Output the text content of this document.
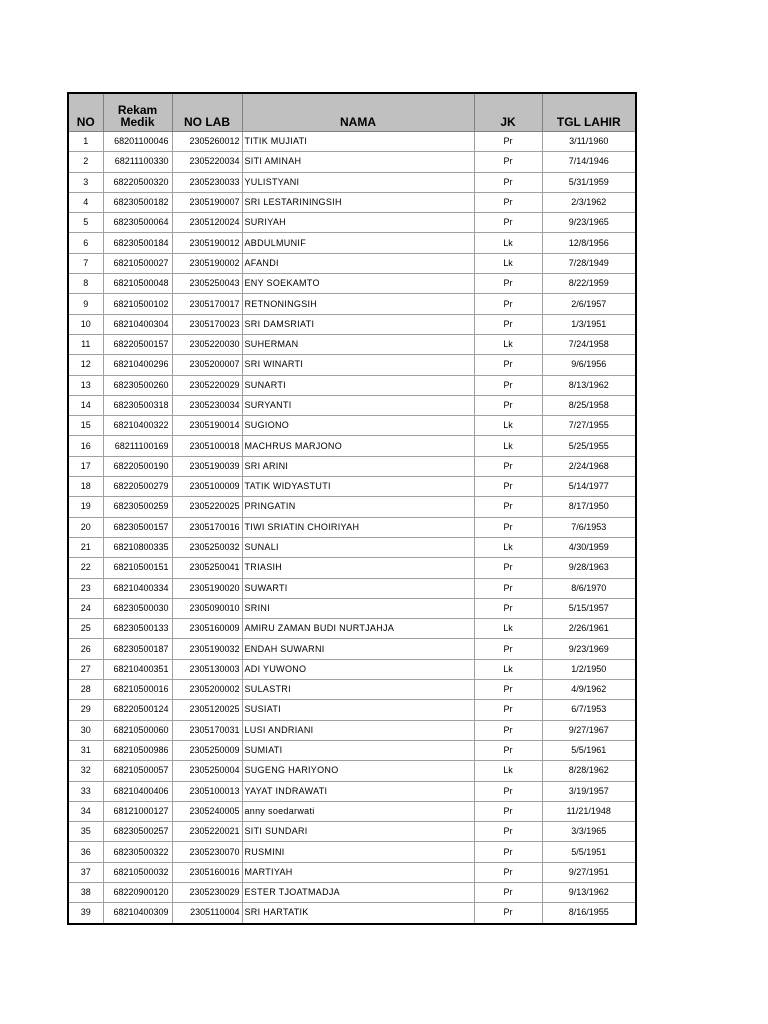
NO	Rekam Medik	NO LAB	NAMA	JK	TGL LAHIR
1	68201100046	2305260012	TITIK MUJIATI	Pr	3/11/1960
2	68211100330	2305220034	SITI AMINAH	Pr	7/14/1946
3	68220500320	2305230033	YULISTYANI	Pr	5/31/1959
4	68230500182	2305190007	SRI LESTARININGSIH	Pr	2/3/1962
5	68230500064	2305120024	SURIYAH	Pr	9/23/1965
6	68230500184	2305190012	ABDULMUNIF	Lk	12/8/1956
7	68210500027	2305190002	AFANDI	Lk	7/28/1949
8	68210500048	2305250043	ENY SOEKAMTO	Pr	8/22/1959
9	68210500102	2305170017	RETNONINGSIH	Pr	2/6/1957
10	68210400304	2305170023	SRI DAMSRIATI	Pr	1/3/1951
11	68220500157	2305220030	SUHERMAN	Lk	7/24/1958
12	68210400296	2305200007	SRI WINARTI	Pr	9/6/1956
13	68230500260	2305220029	SUNARTI	Pr	8/13/1962
14	68230500318	2305230034	SURYANTI	Pr	8/25/1958
15	68210400322	2305190014	SUGIONO	Lk	7/27/1955
16	68211100169	2305100018	MACHRUS MARJONO	Lk	5/25/1955
17	68220500190	2305190039	SRI ARINI	Pr	2/24/1968
18	68220500279	2305100009	TATIK WIDYASTUTI	Pr	5/14/1977
19	68230500259	2305220025	PRINGATIN	Pr	8/17/1950
20	68230500157	2305170016	TIWI SRIATIN CHOIRIYAH	Pr	7/6/1953
21	68210800335	2305250032	SUNALI	Lk	4/30/1959
22	68210500151	2305250041	TRIASIH	Pr	9/28/1963
23	68210400334	2305190020	SUWARTI	Pr	8/6/1970
24	68230500030	2305090010	SRINI	Pr	5/15/1957
25	68230500133	2305160009	AMIRU ZAMAN BUDI NURTJAHJA	Lk	2/26/1961
26	68230500187	2305190032	ENDAH SUWARNI	Pr	9/23/1969
27	68210400351	2305130003	ADI YUWONO	Lk	1/2/1950
28	68210500016	2305200002	SULASTRI	Pr	4/9/1962
29	68220500124	2305120025	SUSIATI	Pr	6/7/1953
30	68210500060	2305170031	LUSI ANDRIANI	Pr	9/27/1967
31	68210500986	2305250009	SUMIATI	Pr	5/5/1961
32	68210500057	2305250004	SUGENG HARIYONO	Lk	8/28/1962
33	68210400406	2305100013	YAYAT INDRAWATI	Pr	3/19/1957
34	68121000127	2305240005	anny soedarwati	Pr	11/21/1948
35	68230500257	2305220021	SITI SUNDARI	Pr	3/3/1965
36	68230500322	2305230070	RUSMINI	Pr	5/5/1951
37	68210500032	2305160016	MARTIYAH	Pr	9/27/1951
38	68220900120	2305230029	ESTER TJOATMADJA	Pr	9/13/1962
39	68210400309	2305110004	SRI HARTATIK	Pr	8/16/1955
